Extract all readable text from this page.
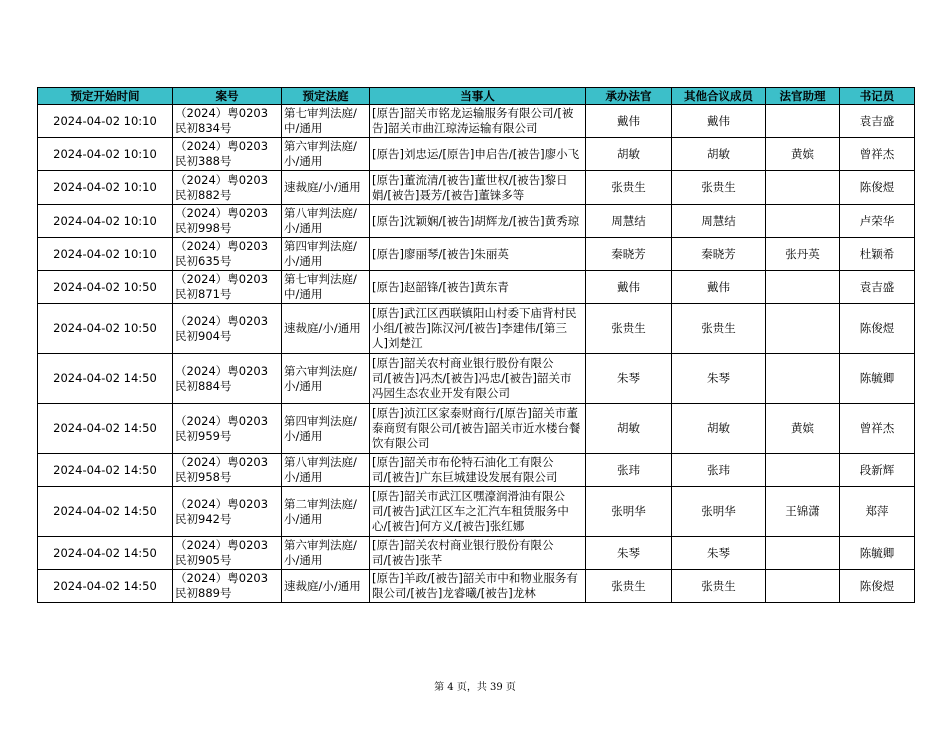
预定开始时间	案号	预定法庭	当事人	承办法官	其他合议成员	法官助理	书记员
2024-04-02 10:10	（2024）粤0203民初834号	第七审判法庭/中/通用	[原告]韶关市铭龙运输服务有限公司/[被告]韶关市曲江琼涛运输有限公司	戴伟	戴伟		袁吉盛
2024-04-02 10:10	（2024）粤0203民初388号	第六审判法庭/小/通用	[原告]刘忠运/[原告]申启告/[被告]廖小飞	胡敏	胡敏	黄嫔	曾祥杰
2024-04-02 10:10	（2024）粤0203民初882号	速裁庭/小/通用	[原告]董流清/[被告]董世权/[被告]黎日娟/[被告]聂芳/[被告]董铼多等	张贵生	张贵生		陈俊煜
2024-04-02 10:10	（2024）粤0203民初998号	第八审判法庭/小/通用	[原告]沈颖娴/[被告]胡辉龙/[被告]黄秀琼	周慧结	周慧结		卢荣华
2024-04-02 10:10	（2024）粤0203民初635号	第四审判法庭/小/通用	[原告]廖丽琴/[被告]朱丽英	秦晓芳	秦晓芳	张丹英	杜颖希
2024-04-02 10:50	（2024）粤0203民初871号	第七审判法庭/中/通用	[原告]赵韶锋/[被告]黄东青	戴伟	戴伟		袁吉盛
2024-04-02 10:50	（2024）粤0203民初904号	速裁庭/小/通用	[原告]武江区西联镇阳山村委下庙背村民小组/[被告]陈汉河/[被告]李建伟/[第三人]刘楚江	张贵生	张贵生		陈俊煜
2024-04-02 14:50	（2024）粤0203民初884号	第六审判法庭/小/通用	[原告]韶关农村商业银行股份有限公司/[被告]冯杰/[被告]冯忠/[被告]韶关市冯园生态农业开发有限公司	朱琴	朱琴		陈毓卿
2024-04-02 14:50	（2024）粤0203民初959号	第四审判法庭/小/通用	[原告]浈江区家泰财商行/[原告]韶关市董泰商贸有限公司/[被告]韶关市近水楼台餐饮有限公司	胡敏	胡敏	黄嫔	曾祥杰
2024-04-02 14:50	（2024）粤0203民初958号	第八审判法庭/小/通用	[原告]韶关市布伦特石油化工有限公司/[被告]广东巨城建设发展有限公司	张玮	张玮		段新辉
2024-04-02 14:50	（2024）粤0203民初942号	第二审判法庭/小/通用	[原告]韶关市武江区嘿濠润滑油有限公司/[被告]武江区车之汇汽车租赁服务中心/[被告]何方义/[被告]张红娜	张明华	张明华	王锦潇	郑萍
2024-04-02 14:50	（2024）粤0203民初905号	第六审判法庭/小/通用	[原告]韶关农村商业银行股份有限公司/[被告]张芊	朱琴	朱琴		陈毓卿
2024-04-02 14:50	（2024）粤0203民初889号	速裁庭/小/通用	[原告]羊政/[被告]韶关市中和物业服务有限公司/[被告]龙睿曦/[被告]龙林	张贵生	张贵生		陈俊煜
第 4 页，共 39 页
